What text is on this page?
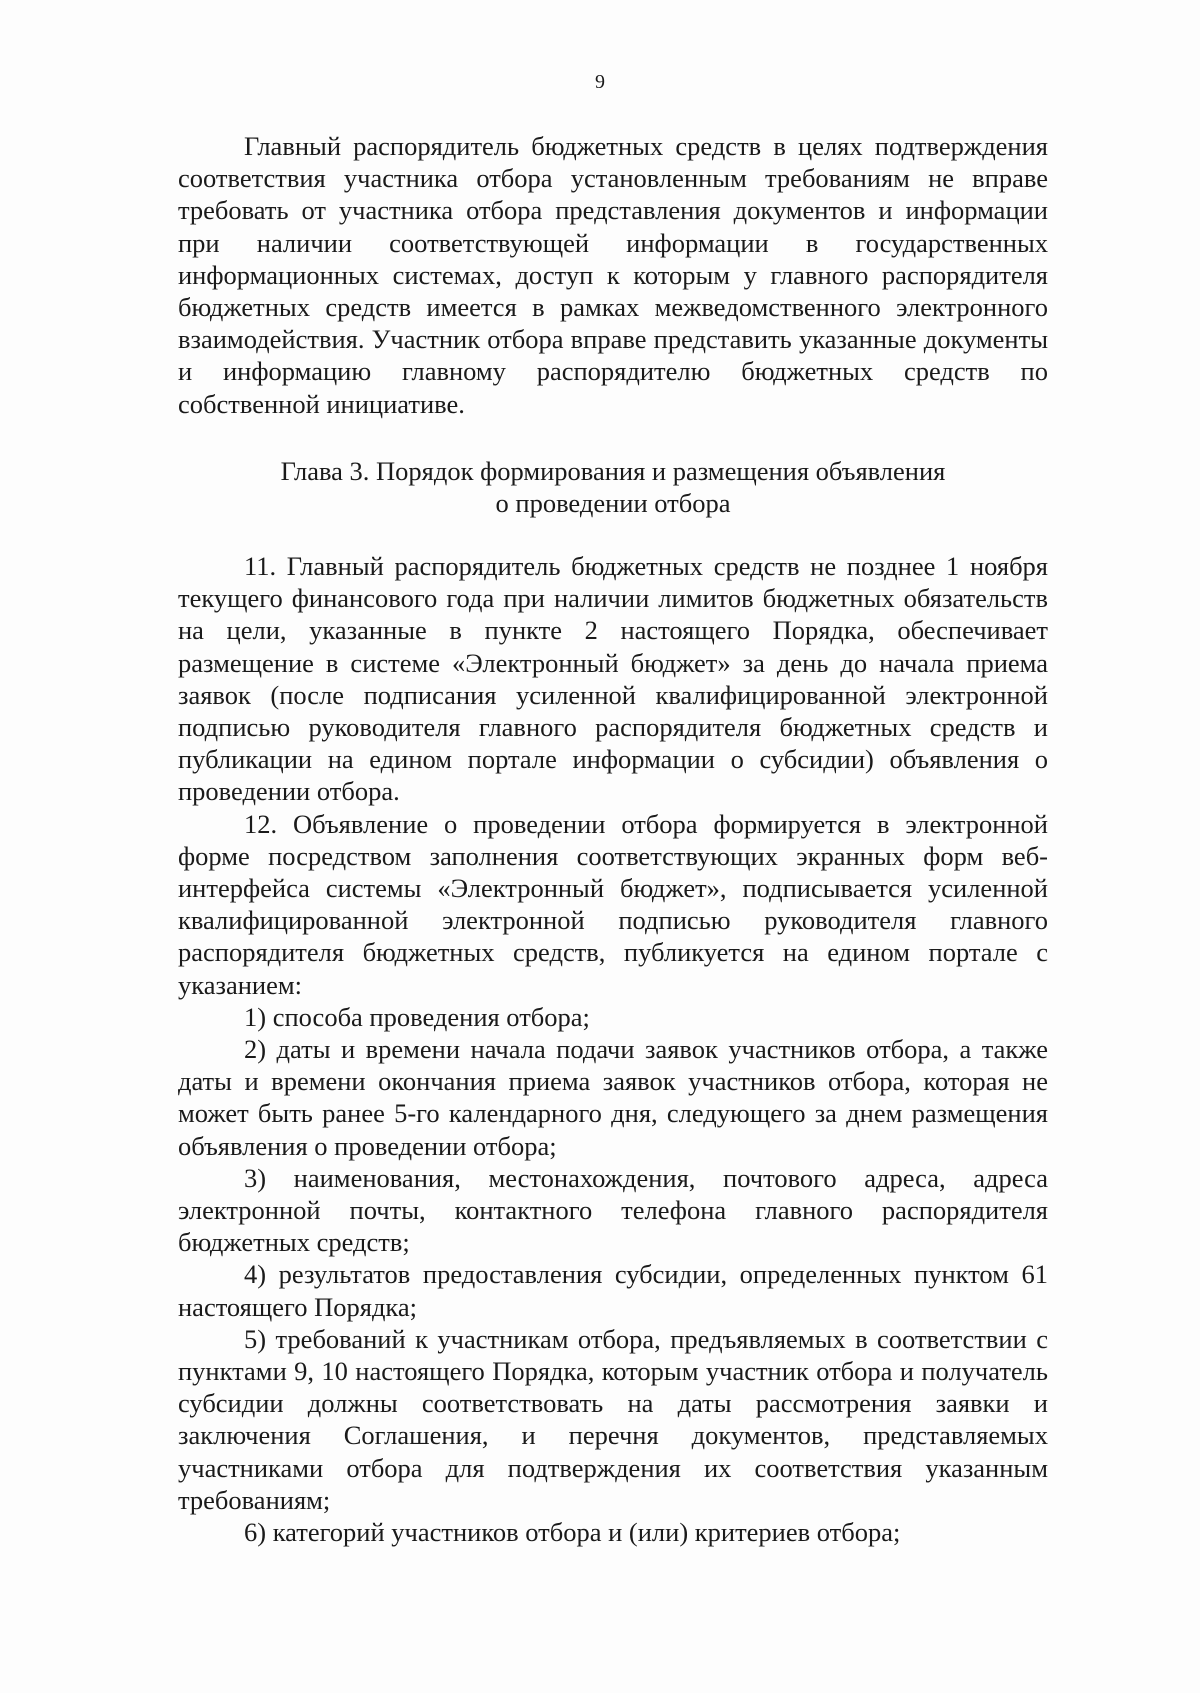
9

Главный распорядитель бюджетных средств в целях подтверждения соответствия участника отбора установленным требованиям не вправе требовать от участника отбора представления документов и информации при наличии соответствующей информации в государственных информационных системах, доступ к которым у главного распорядителя бюджетных средств имеется в рамках межведомственного электронного взаимодействия. Участник отбора вправе представить указанные документы и информацию главному распорядителю бюджетных средств по собственной инициативе.

Глава 3. Порядок формирования и размещения объявления
о проведении отбора

11. Главный распорядитель бюджетных средств не позднее 1 ноября текущего финансового года при наличии лимитов бюджетных обязательств на цели, указанные в пункте 2 настоящего Порядка, обеспечивает размещение в системе «Электронный бюджет» за день до начала приема заявок (после подписания усиленной квалифицированной электронной подписью руководителя главного распорядителя бюджетных средств и публикации на едином портале информации о субсидии) объявления о проведении отбора.

12. Объявление о проведении отбора формируется в электронной форме посредством заполнения соответствующих экранных форм веб-интерфейса системы «Электронный бюджет», подписывается усиленной квалифицированной электронной подписью руководителя главного распорядителя бюджетных средств, публикуется на едином портале с указанием:

1) способа проведения отбора;

2) даты и времени начала подачи заявок участников отбора, а также даты и времени окончания приема заявок участников отбора, которая не может быть ранее 5-го календарного дня, следующего за днем размещения объявления о проведении отбора;

3) наименования, местонахождения, почтового адреса, адреса электронной почты, контактного телефона главного распорядителя бюджетных средств;

4) результатов предоставления субсидии, определенных пунктом 61 настоящего Порядка;

5) требований к участникам отбора, предъявляемых в соответствии с пунктами 9, 10 настоящего Порядка, которым участник отбора и получатель субсидии должны соответствовать на даты рассмотрения заявки и заключения Соглашения, и перечня документов, представляемых участниками отбора для подтверждения их соответствия указанным требованиям;

6) категорий участников отбора и (или) критериев отбора;
